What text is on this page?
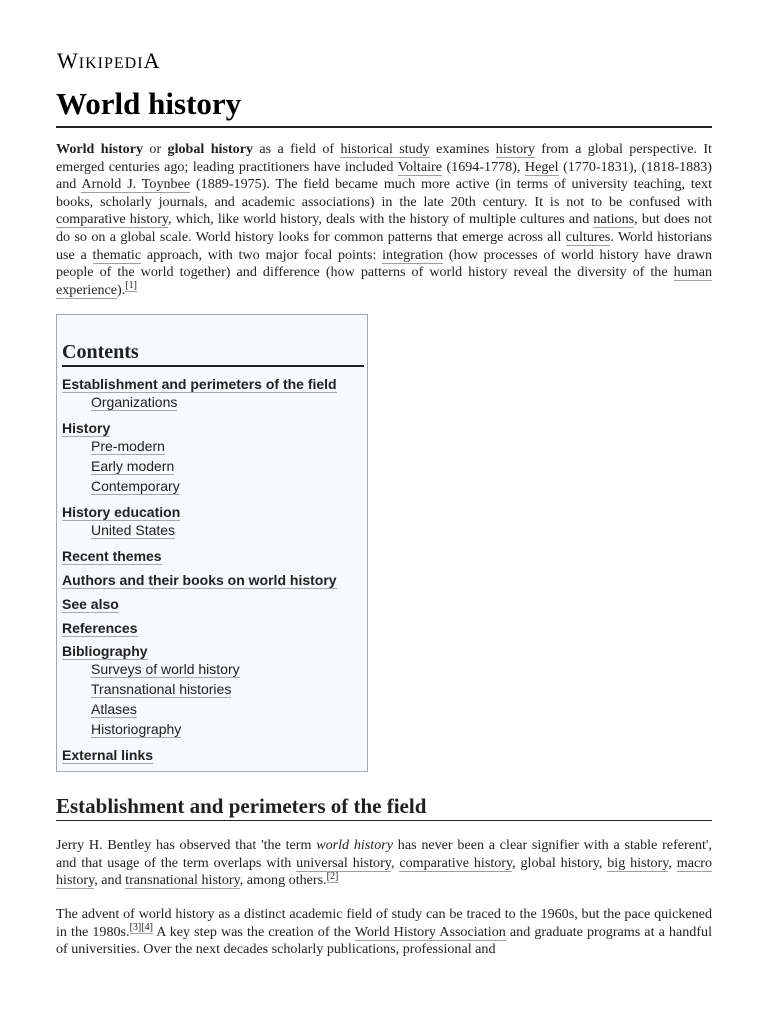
WIKIPEDIA
World history

World history or global history as a field of historical study examines history from a global perspective. It emerged centuries ago; leading practitioners have included Voltaire (1694-1778), Hegel (1770-1831), (1818-1883) and Arnold J. Toynbee (1889-1975). The field became much more active (in terms of university teaching, text books, scholarly journals, and academic associations) in the late 20th century. It is not to be confused with comparative history, which, like world history, deals with the history of multiple cultures and nations, but does not do so on a global scale. World history looks for common patterns that emerge across all cultures. World historians use a thematic approach, with two major focal points: integration (how processes of world history have drawn people of the world together) and difference (how patterns of world history reveal the diversity of the human experience).[1]

Contents
Establishment and perimeters of the field
Organizations
History
Pre-modern
Early modern
Contemporary
History education
United States
Recent themes
Authors and their books on world history
See also
References
Bibliography
Surveys of world history
Transnational histories
Atlases
Historiography
External links
Establishment and perimeters of the field

Jerry H. Bentley has observed that 'the term world history has never been a clear signifier with a stable referent', and that usage of the term overlaps with universal history, comparative history, global history, big history, macro history, and transnational history, among others.[2]

The advent of world history as a distinct academic field of study can be traced to the 1960s, but the pace quickened in the 1980s.[3][4] A key step was the creation of the World History Association and graduate programs at a handful of universities. Over the next decades scholarly publications, professional and
